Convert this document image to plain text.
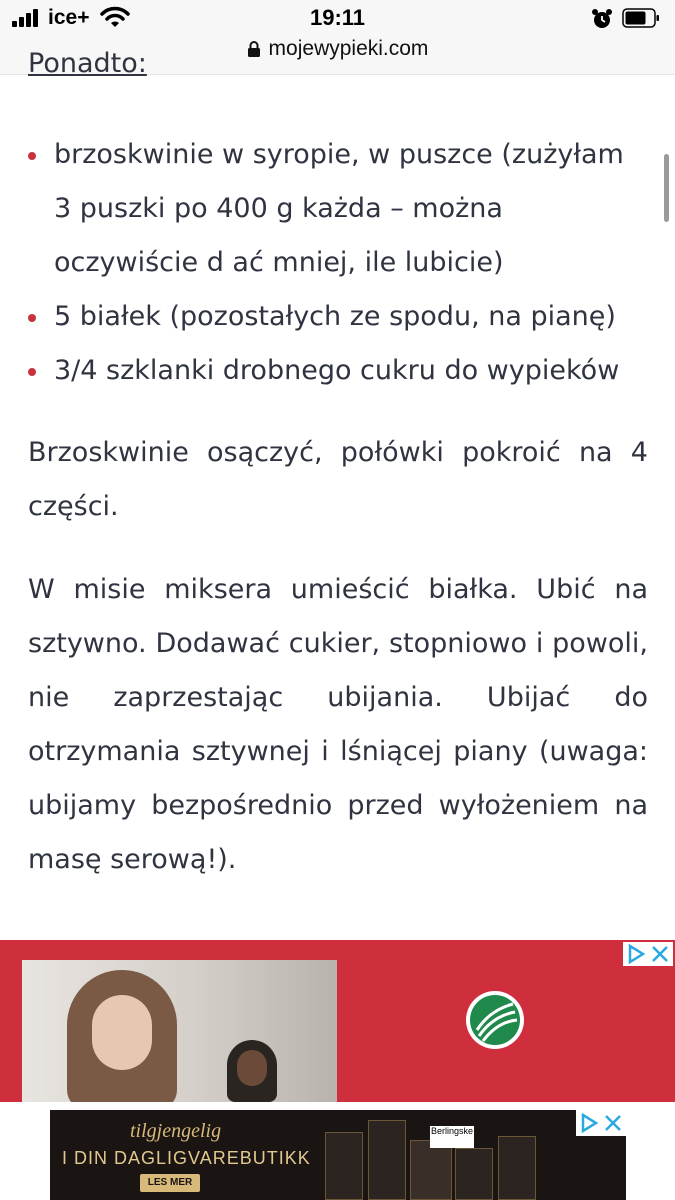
ice+	19:11
mojewypieki.com
Ponadto:
brzoskwinie w syropie, w puszce (zużyłam 3 puszki po 400 g każda – można oczywiście d ać mniej, ile lubicie)
5 białek (pozostałych ze spodu, na pianę)
3/4 szklanki drobnego cukru do wypieków

Brzoskwinie osączyć, połówki pokroić na 4 części.

W misie miksera umieścić białka. Ubić na sztywno. Dodawać cukier, stopniowo i powoli, nie zaprzestając ubijania. Ubijać do otrzymania sztywnej i lśniącej piany (uwaga: ubijamy bezpośrednio przed wyłożeniem na masę serową!).

tilgjengelig
I DIN DAGLIGVAREBUTIKK
LES MER
Berlingske
